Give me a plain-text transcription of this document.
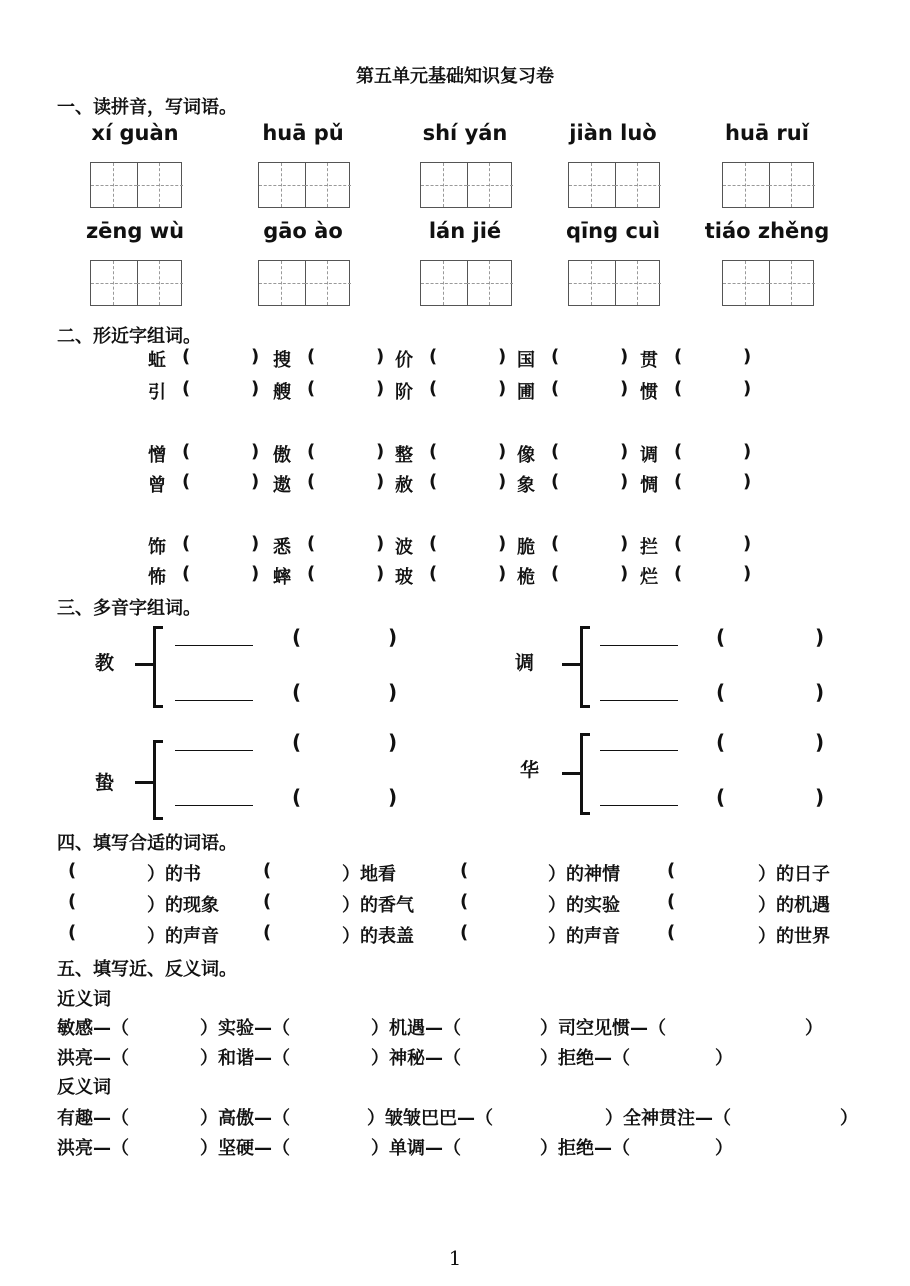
第五单元基础知识复习卷
一、读拼音，写词语。
xí guàn	huā pǔ	shí yán	jiàn luò	huā ruǐ
zēng wù	gāo ào	lán jié	qīng cuì	tiáo zhěng
二、形近字组词。
蚯 (	) 搜 (	) 价 (	) 国 (	) 贯 (	)
引 (	) 艘 (	) 阶 (	) 圃 (	) 惯 (	)
憎 (	) 傲 (	) 整 (	) 像 (	) 调 (	)
曾 (	) 遨 (	) 赦 (	) 象 (	) 惆 (	)
饰 (	) 悉 (	) 波 (	) 脆 (	) 拦 (	)
怖 (	) 蟀 (	) 玻 (	) 桅 (	) 烂 (	)
三、多音字组词。
教
(	)
(	)
调
(	)
(	)
蛰
(	)
(	)
华
(	)
(	)
四、填写合适的词语。
(	）的书	(	）地看	(	）的神情	(	）的日子
(	）的现象 (	）的香气	(	）的实验	(	）的机遇
(	）的声音 (	）的表盖	(	）的声音	(	）的世界
五、填写近、反义词。
近义词
反义词
敏感—（	）实验—（	）机遇—（	）司空见惯—（	）
洪亮—（	）和谐—（	）神秘—（	）拒绝—（	）
有趣—（	）高傲—（	）皱皱巴巴—（	）全神贯注—（	）
洪亮—（	）坚硬—（	）单调—（	）拒绝—（	）
1
